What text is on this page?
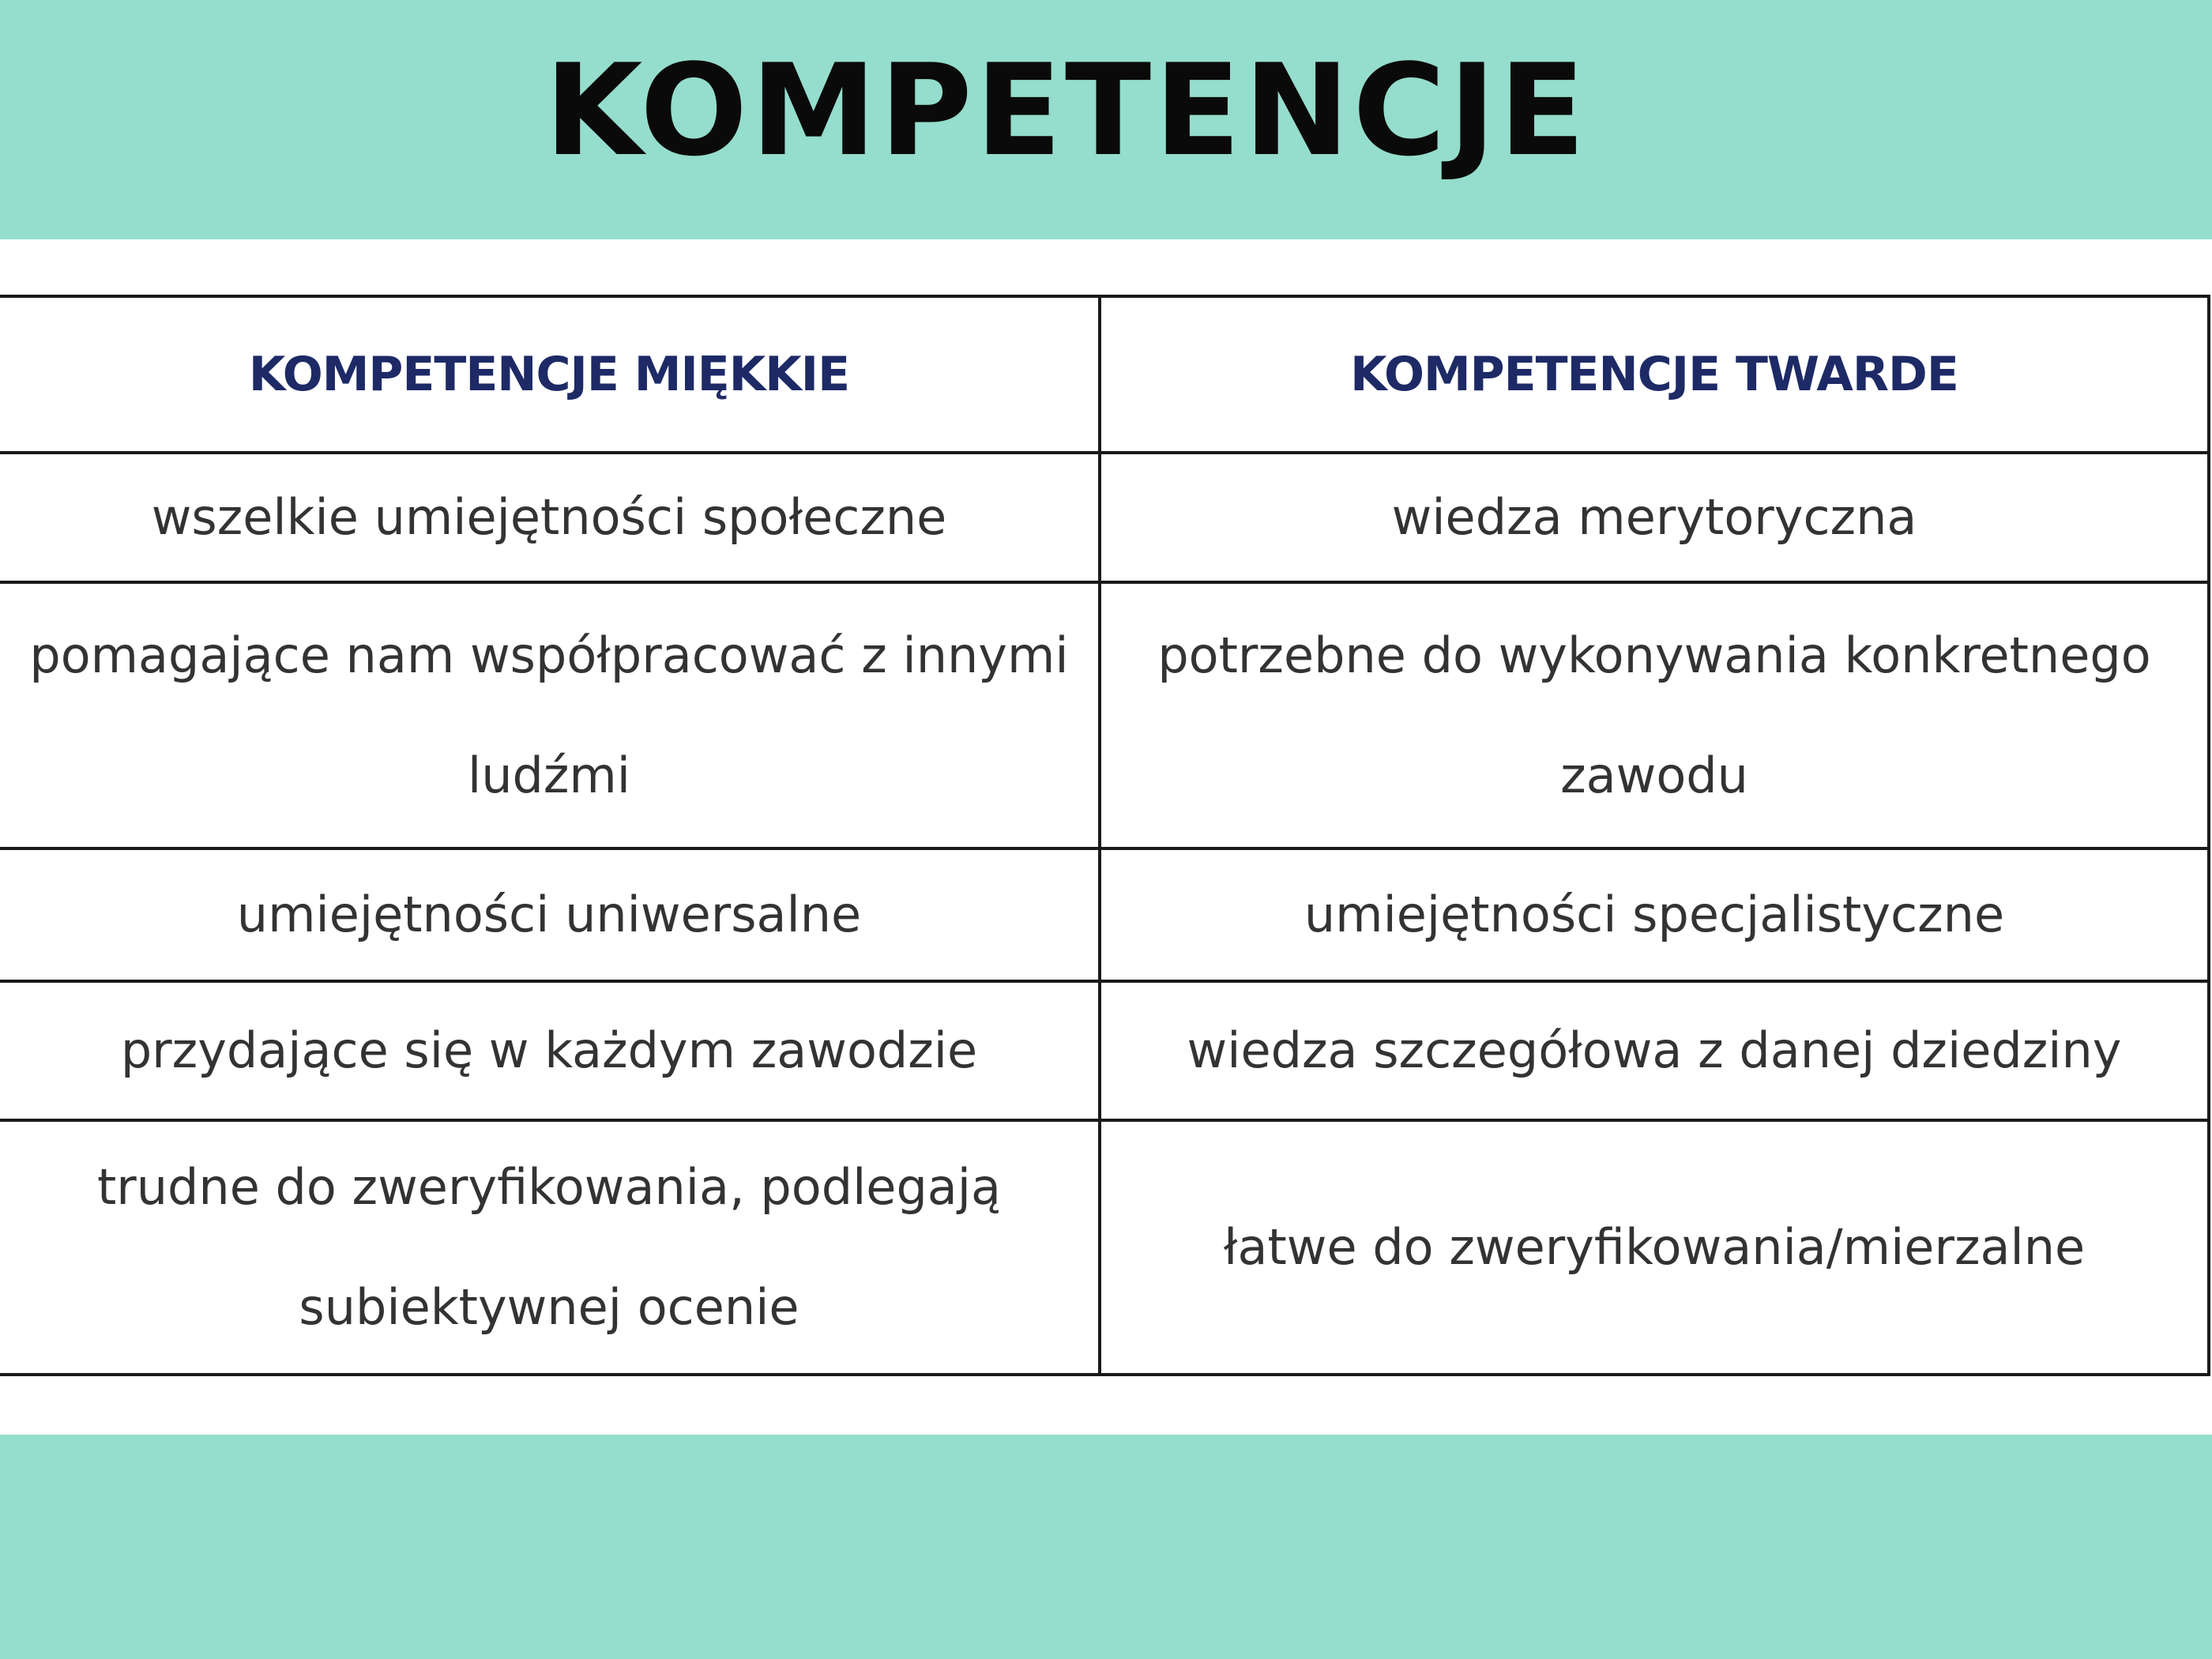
KOMPETENCJE
KOMPETENCJE MIĘKKIE	KOMPETENCJE TWARDE
wszelkie umiejętności społeczne	wiedza merytoryczna
pomagające nam współpracować z innymi ludźmi	potrzebne do wykonywania konkretnego zawodu
umiejętności uniwersalne	umiejętności specjalistyczne
przydające się w każdym zawodzie	wiedza szczegółowa z danej dziedziny
trudne do zweryfikowania, podlegają subiektywnej ocenie	łatwe do zweryfikowania/mierzalne
